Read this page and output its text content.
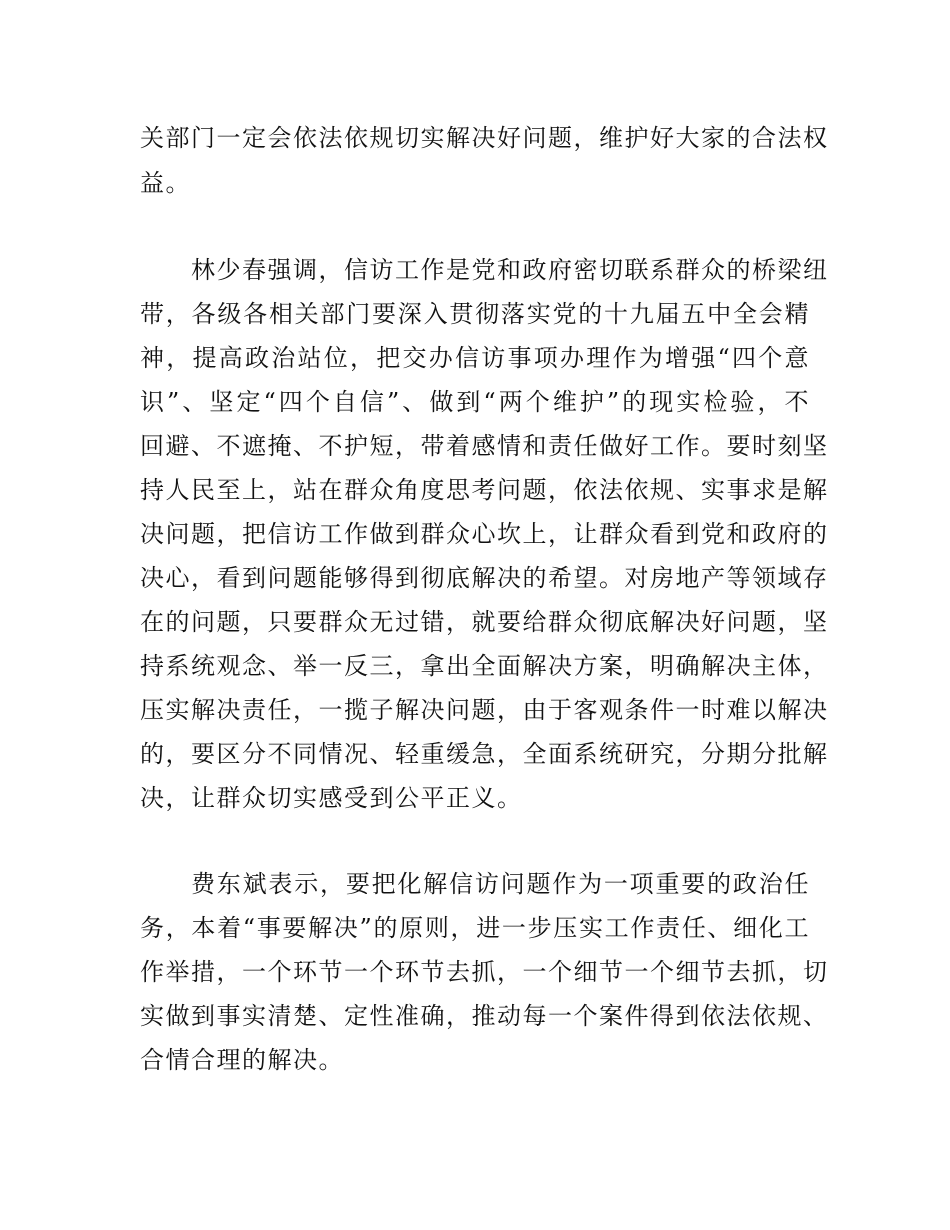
关部门一定会依法依规切实解决好问题，维护好大家的合法权
益。
林少春强调，信访工作是党和政府密切联系群众的桥梁纽
带，各级各相关部门要深入贯彻落实党的十九届五中全会精
神，提高政治站位，把交办信访事项办理作为增强“四个意
识”、坚定“四个自信”、做到“两个维护”的现实检验，不
回避、不遮掩、不护短，带着感情和责任做好工作。要时刻坚
持人民至上，站在群众角度思考问题，依法依规、实事求是解
决问题，把信访工作做到群众心坎上，让群众看到党和政府的
决心，看到问题能够得到彻底解决的希望。对房地产等领域存
在的问题，只要群众无过错，就要给群众彻底解决好问题，坚
持系统观念、举一反三，拿出全面解决方案，明确解决主体，
压实解决责任，一揽子解决问题，由于客观条件一时难以解决
的，要区分不同情况、轻重缓急，全面系统研究，分期分批解
决，让群众切实感受到公平正义。
费东斌表示，要把化解信访问题作为一项重要的政治任
务，本着“事要解决”的原则，进一步压实工作责任、细化工
作举措，一个环节一个环节去抓，一个细节一个细节去抓，切
实做到事实清楚、定性准确，推动每一个案件得到依法依规、
合情合理的解决。
